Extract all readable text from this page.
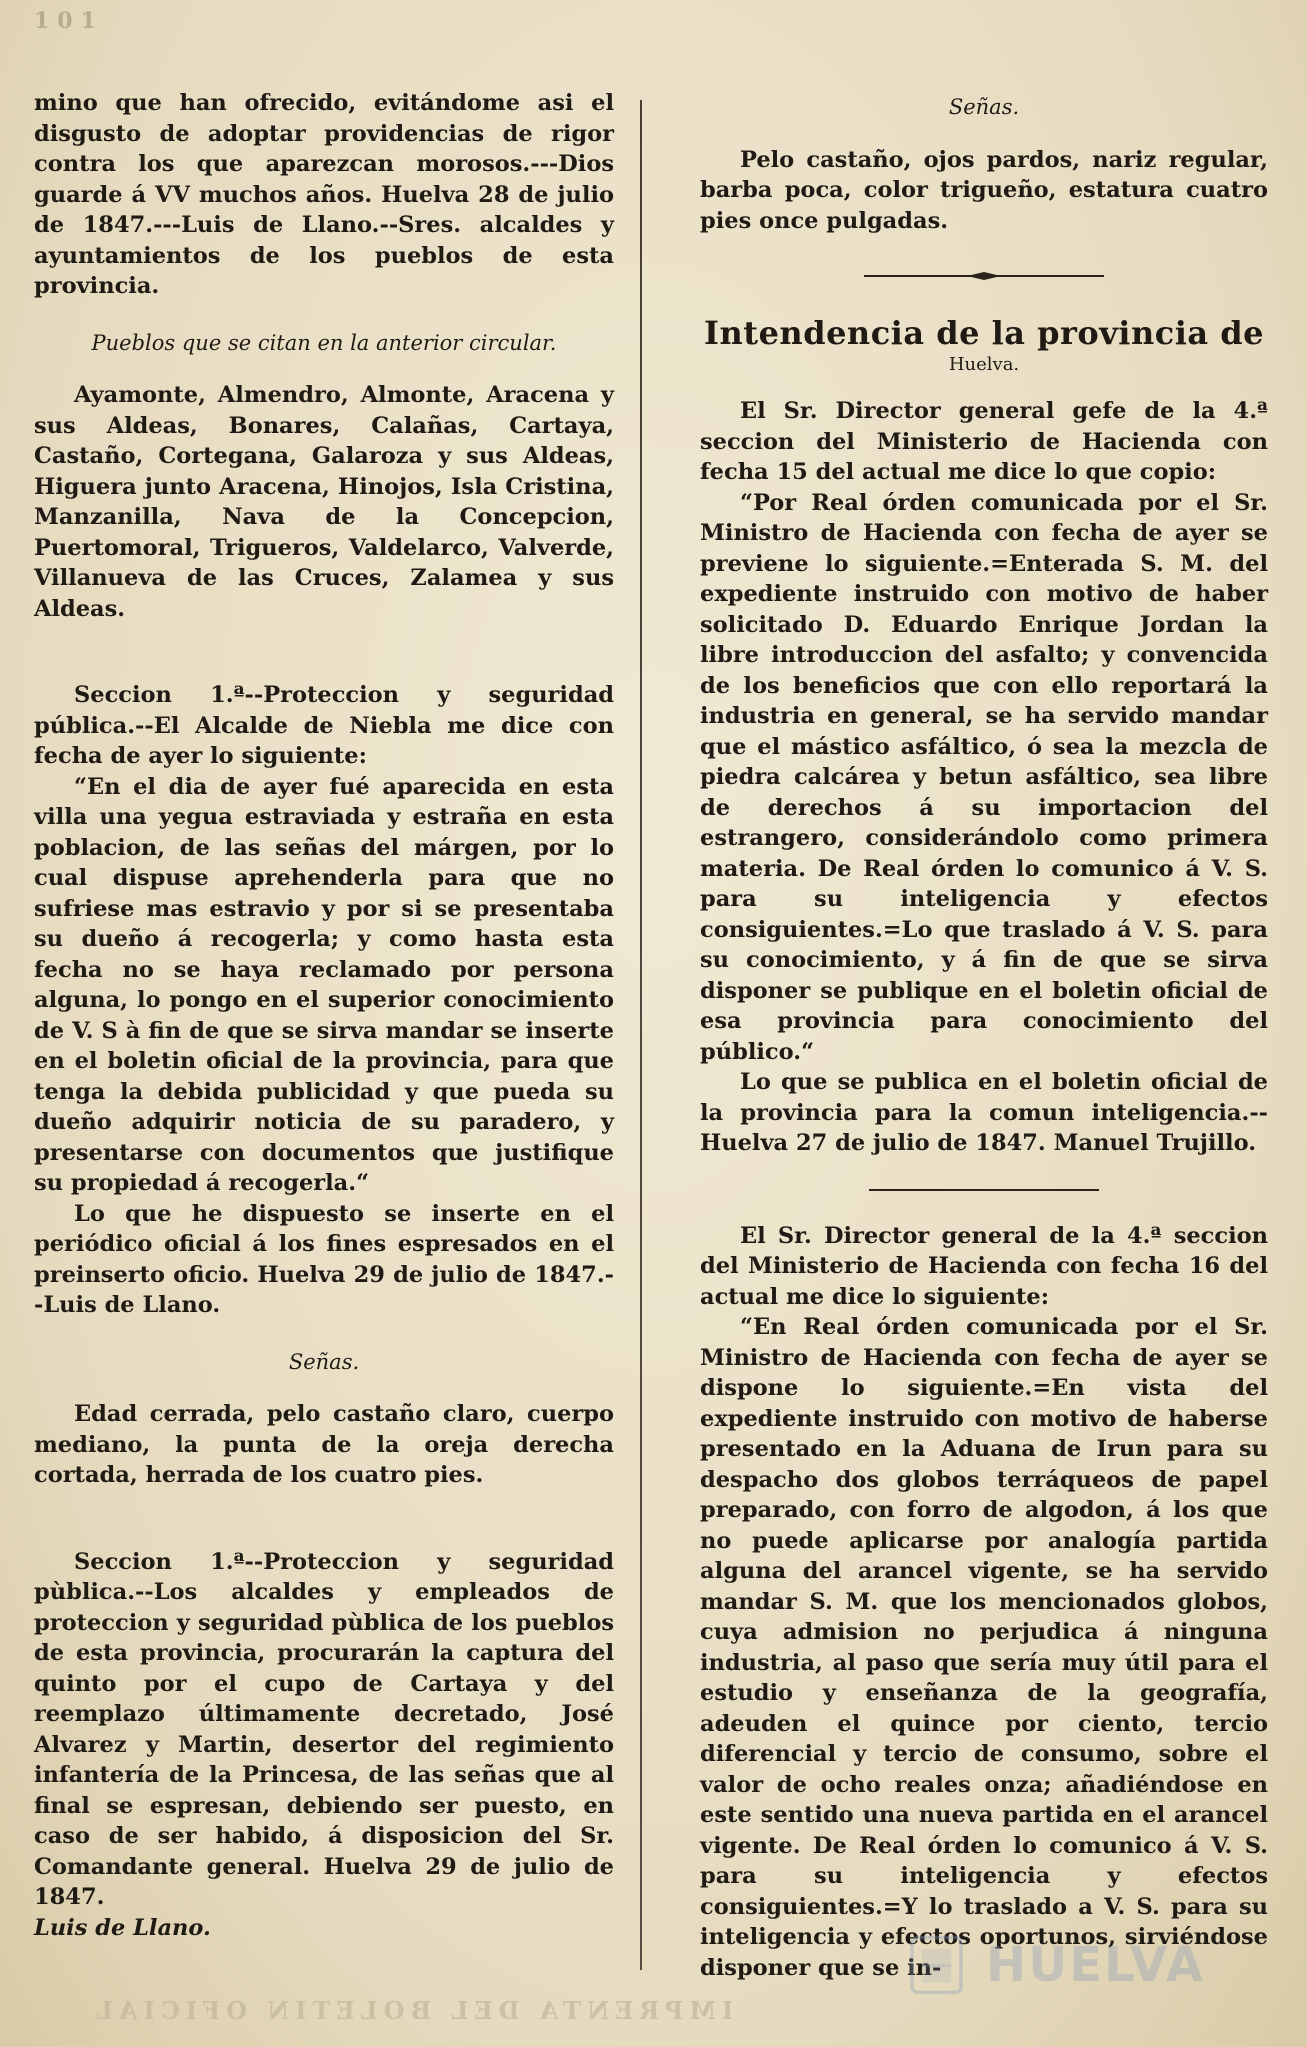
101

mino que han ofrecido, evitándome asi el disgusto de adoptar providencias de rigor contra los que aparezcan morosos.---Dios guarde á VV muchos años. Huelva 28 de julio de 1847.---Luis de Llano.--Sres. alcaldes y ayuntamientos de los pueblos de esta provincia.

Pueblos que se citan en la anterior circular.

Ayamonte, Almendro, Almonte, Aracena y sus Aldeas, Bonares, Calañas, Cartaya, Castaño, Cortegana, Galaroza y sus Aldeas, Higuera junto Aracena, Hinojos, Isla Cristina, Manzanilla, Nava de la Concepcion, Puertomoral, Trigueros, Valdelarco, Valverde, Villanueva de las Cruces, Zalamea y sus Aldeas.

Seccion 1.ª--Proteccion y seguridad pública.--El Alcalde de Niebla me dice con fecha de ayer lo siguiente:

“En el dia de ayer fué aparecida en esta villa una yegua estraviada y estraña en esta poblacion, de las señas del márgen, por lo cual dispuse aprehenderla para que no sufriese mas estravio y por si se presentaba su dueño á recogerla; y como hasta esta fecha no se haya reclamado por persona alguna, lo pongo en el superior conocimiento de V. S à fin de que se sirva mandar se inserte en el boletin oficial de la provincia, para que tenga la debida publicidad y que pueda su dueño adquirir noticia de su paradero, y presentarse con documentos que justifique su propiedad á recogerla.“

Lo que he dispuesto se inserte en el periódico oficial á los fines espresados en el preinserto oficio. Huelva 29 de julio de 1847.--Luis de Llano.

Señas.

Edad cerrada, pelo castaño claro, cuerpo mediano, la punta de la oreja derecha cortada, herrada de los cuatro pies.

Seccion 1.ª--Proteccion y seguridad pùblica.--Los alcaldes y empleados de proteccion y seguridad pùblica de los pueblos de esta provincia, procurarán la captura del quinto por el cupo de Cartaya y del reemplazo últimamente decretado, José Alvarez y Martin, desertor del regimiento infantería de la Princesa, de las señas que al final se espresan, debiendo ser puesto, en caso de ser habido, á disposicion del Sr. Comandante general. Huelva 29 de julio de 1847.

Luis de Llano.

Señas.

Pelo castaño, ojos pardos, nariz regular, barba poca, color trigueño, estatura cuatro pies once pulgadas.

Intendencia de la provincia de

Huelva.

El Sr. Director general gefe de la 4.ª seccion del Ministerio de Hacienda con fecha 15 del actual me dice lo que copio:

“Por Real órden comunicada por el Sr. Ministro de Hacienda con fecha de ayer se previene lo siguiente.=Enterada S. M. del expediente instruido con motivo de haber solicitado D. Eduardo Enrique Jordan la libre introduccion del asfalto; y convencida de los beneficios que con ello reportará la industria en general, se ha servido mandar que el mástico asfáltico, ó sea la mezcla de piedra calcárea y betun asfáltico, sea libre de derechos á su importacion del estrangero, considerándolo como primera materia. De Real órden lo comunico á V. S. para su inteligencia y efectos consiguientes.=Lo que traslado á V. S. para su conocimiento, y á fin de que se sirva disponer se publique en el boletin oficial de esa provincia para conocimiento del público.“

Lo que se publica en el boletin oficial de la provincia para la comun inteligencia.--Huelva 27 de julio de 1847. Manuel Trujillo.

El Sr. Director general de la 4.ª seccion del Ministerio de Hacienda con fecha 16 del actual me dice lo siguiente:

“En Real órden comunicada por el Sr. Ministro de Hacienda con fecha de ayer se dispone lo siguiente.=En vista del expediente instruido con motivo de haberse presentado en la Aduana de Irun para su despacho dos globos terráqueos de papel preparado, con forro de algodon, á los que no puede aplicarse por analogía partida alguna del arancel vigente, se ha servido mandar S. M. que los mencionados globos, cuya admision no perjudica á ninguna industria, al paso que sería muy útil para el estudio y enseñanza de la geografía, adeuden el quince por ciento, tercio diferencial y tercio de consumo, sobre el valor de ocho reales onza; añadiéndose en este sentido una nueva partida en el arancel vigente. De Real órden lo comunico á V. S. para su inteligencia y efectos consiguientes.=Y lo traslado a V. S. para su inteligencia y efectos oportunos, sirviéndose disponer que se in-

IMPRENTA DEL BOLETIN OFICIAL
HUELVA
